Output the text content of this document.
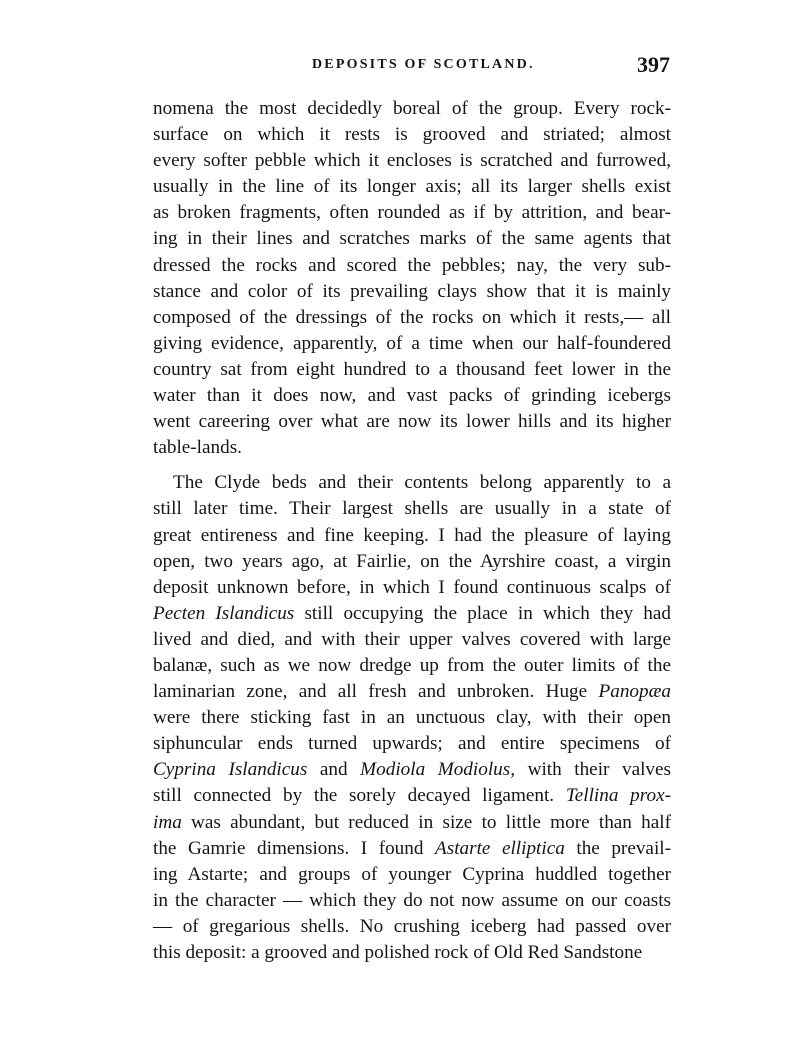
DEPOSITS OF SCOTLAND.	397
nomena the most decidedly boreal of the group. Every rock-
surface on which it rests is grooved and striated; almost
every softer pebble which it encloses is scratched and furrowed,
usually in the line of its longer axis; all its larger shells exist
as broken fragments, often rounded as if by attrition, and bear-
ing in their lines and scratches marks of the same agents that
dressed the rocks and scored the pebbles; nay, the very sub-
stance and color of its prevailing clays show that it is mainly
composed of the dressings of the rocks on which it rests,— all
giving evidence, apparently, of a time when our half-foundered
country sat from eight hundred to a thousand feet lower in the
water than it does now, and vast packs of grinding icebergs
went careering over what are now its lower hills and its higher
table-lands.
The Clyde beds and their contents belong apparently to a
still later time. Their largest shells are usually in a state of
great entireness and fine keeping. I had the pleasure of laying
open, two years ago, at Fairlie, on the Ayrshire coast, a virgin
deposit unknown before, in which I found continuous scalps of
Pecten Islandicus still occupying the place in which they had
lived and died, and with their upper valves covered with large
balanæ, such as we now dredge up from the outer limits of the
laminarian zone, and all fresh and unbroken. Huge Panopæa
were there sticking fast in an unctuous clay, with their open
siphuncular ends turned upwards; and entire specimens of
Cyprina Islandicus and Modiola Modiolus, with their valves
still connected by the sorely decayed ligament. Tellina prox-
ima was abundant, but reduced in size to little more than half
the Gamrie dimensions. I found Astarte elliptica the prevail-
ing Astarte; and groups of younger Cyprina huddled together
in the character — which they do not now assume on our coasts
— of gregarious shells. No crushing iceberg had passed over
this deposit: a grooved and polished rock of Old Red Sandstone
